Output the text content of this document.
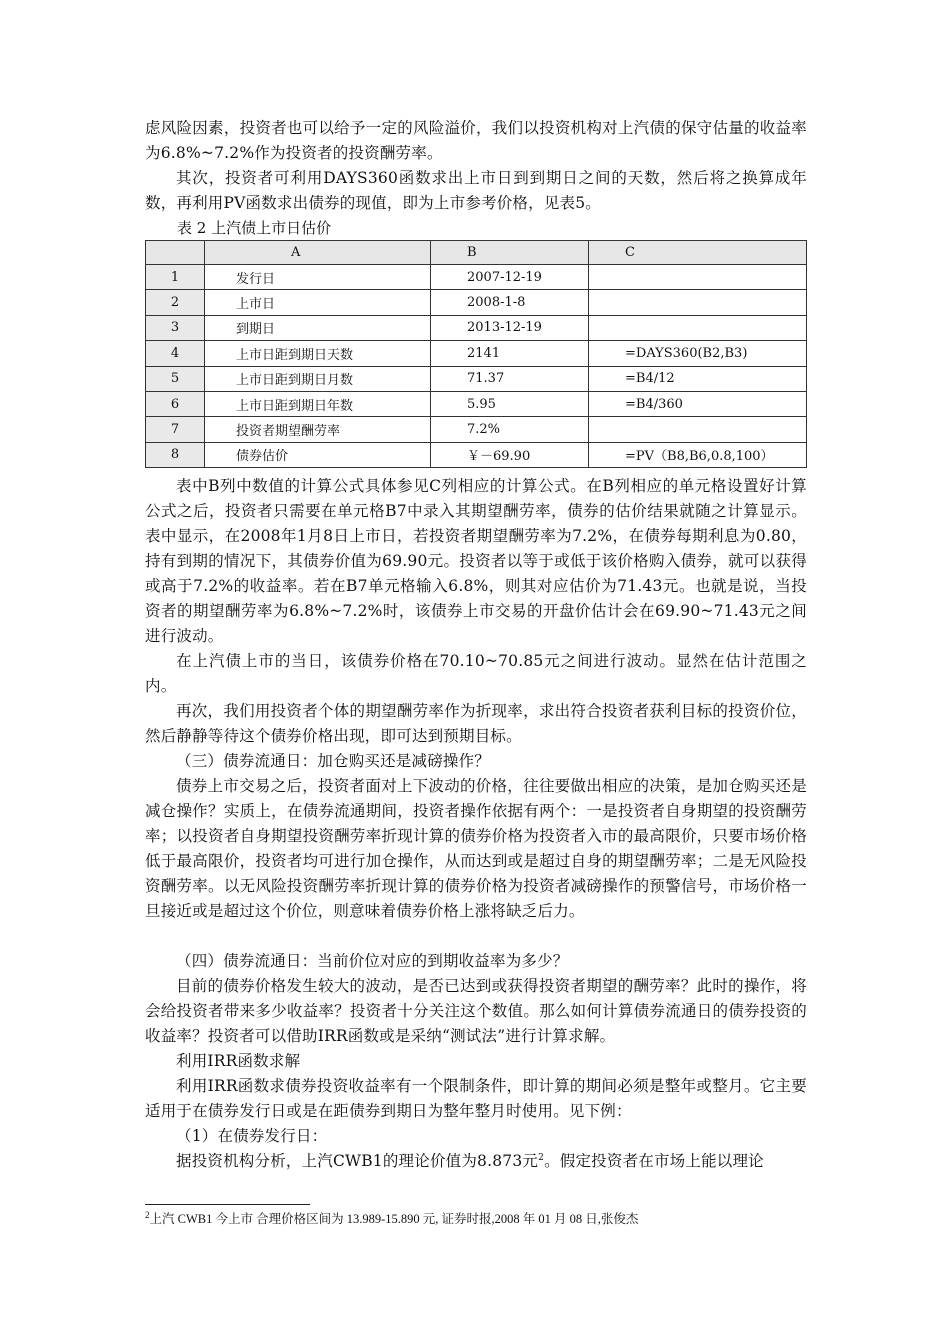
虑风险因素，投资者也可以给予一定的风险溢价，我们以投资机构对上汽债的保守估量的收益率为6.8%~7.2%作为投资者的投资酬劳率。

其次，投资者可利用DAYS360函数求出上市日到到期日之间的天数，然后将之换算成年数，再利用PV函数求出债券的现值，即为上市参考价格，见表5。

表 2 上汽债上市日估价

	A	B	C
1	发行日	2007-12-19	
2	上市日	2008-1-8	
3	到期日	2013-12-19	
4	上市日距到期日天数	2141	=DAYS360(B2,B3)
5	上市日距到期日月数	71.37	=B4/12
6	上市日距到期日年数	5.95	=B4/360
7	投资者期望酬劳率	7.2%	
8	债券估价	￥－69.90	=PV（B8,B6,0.8,100）

表中B列中数值的计算公式具体参见C列相应的计算公式。在B列相应的单元格设置好计算公式之后，投资者只需要在单元格B7中录入其期望酬劳率，债券的估价结果就随之计算显示。表中显示，在2008年1月8日上市日，若投资者期望酬劳率为7.2%，在债券每期利息为0.80，持有到期的情况下，其债券价值为69.90元。投资者以等于或低于该价格购入债券，就可以获得或高于7.2%的收益率。若在B7单元格输入6.8%，则其对应估价为71.43元。也就是说，当投资者的期望酬劳率为6.8%~7.2%时，该债券上市交易的开盘价估计会在69.90~71.43元之间进行波动。

在上汽债上市的当日，该债券价格在70.10~70.85元之间进行波动。显然在估计范围之内。

再次，我们用投资者个体的期望酬劳率作为折现率，求出符合投资者获利目标的投资价位，然后静静等待这个债券价格出现，即可达到预期目标。

（三）债券流通日：加仓购买还是减磅操作？

债券上市交易之后，投资者面对上下波动的价格，往往要做出相应的决策，是加仓购买还是减仓操作？实质上，在债券流通期间，投资者操作依据有两个：一是投资者自身期望的投资酬劳率；以投资者自身期望投资酬劳率折现计算的债券价格为投资者入市的最高限价，只要市场价格低于最高限价，投资者均可进行加仓操作，从而达到或是超过自身的期望酬劳率；二是无风险投资酬劳率。以无风险投资酬劳率折现计算的债券价格为投资者减磅操作的预警信号，市场价格一旦接近或是超过这个价位，则意味着债券价格上涨将缺乏后力。

（四）债券流通日：当前价位对应的到期收益率为多少？

目前的债券价格发生较大的波动，是否已达到或获得投资者期望的酬劳率？此时的操作，将会给投资者带来多少收益率？投资者十分关注这个数值。那么如何计算债券流通日的债券投资的收益率？投资者可以借助IRR函数或是采纳“测试法”进行计算求解。

利用IRR函数求解

利用IRR函数求债券投资收益率有一个限制条件，即计算的期间必须是整年或整月。它主要适用于在债券发行日或是在距债券到期日为整年整月时使用。见下例：

（1）在债券发行日：

据投资机构分析，上汽CWB1的理论价值为8.873元$^2$。假定投资者在市场上能以理论

$^2$上汽 CWB1 今上市 合理价格区间为 13.989-15.890 元, 证券时报,2008 年 01 月 08 日,张俊杰
